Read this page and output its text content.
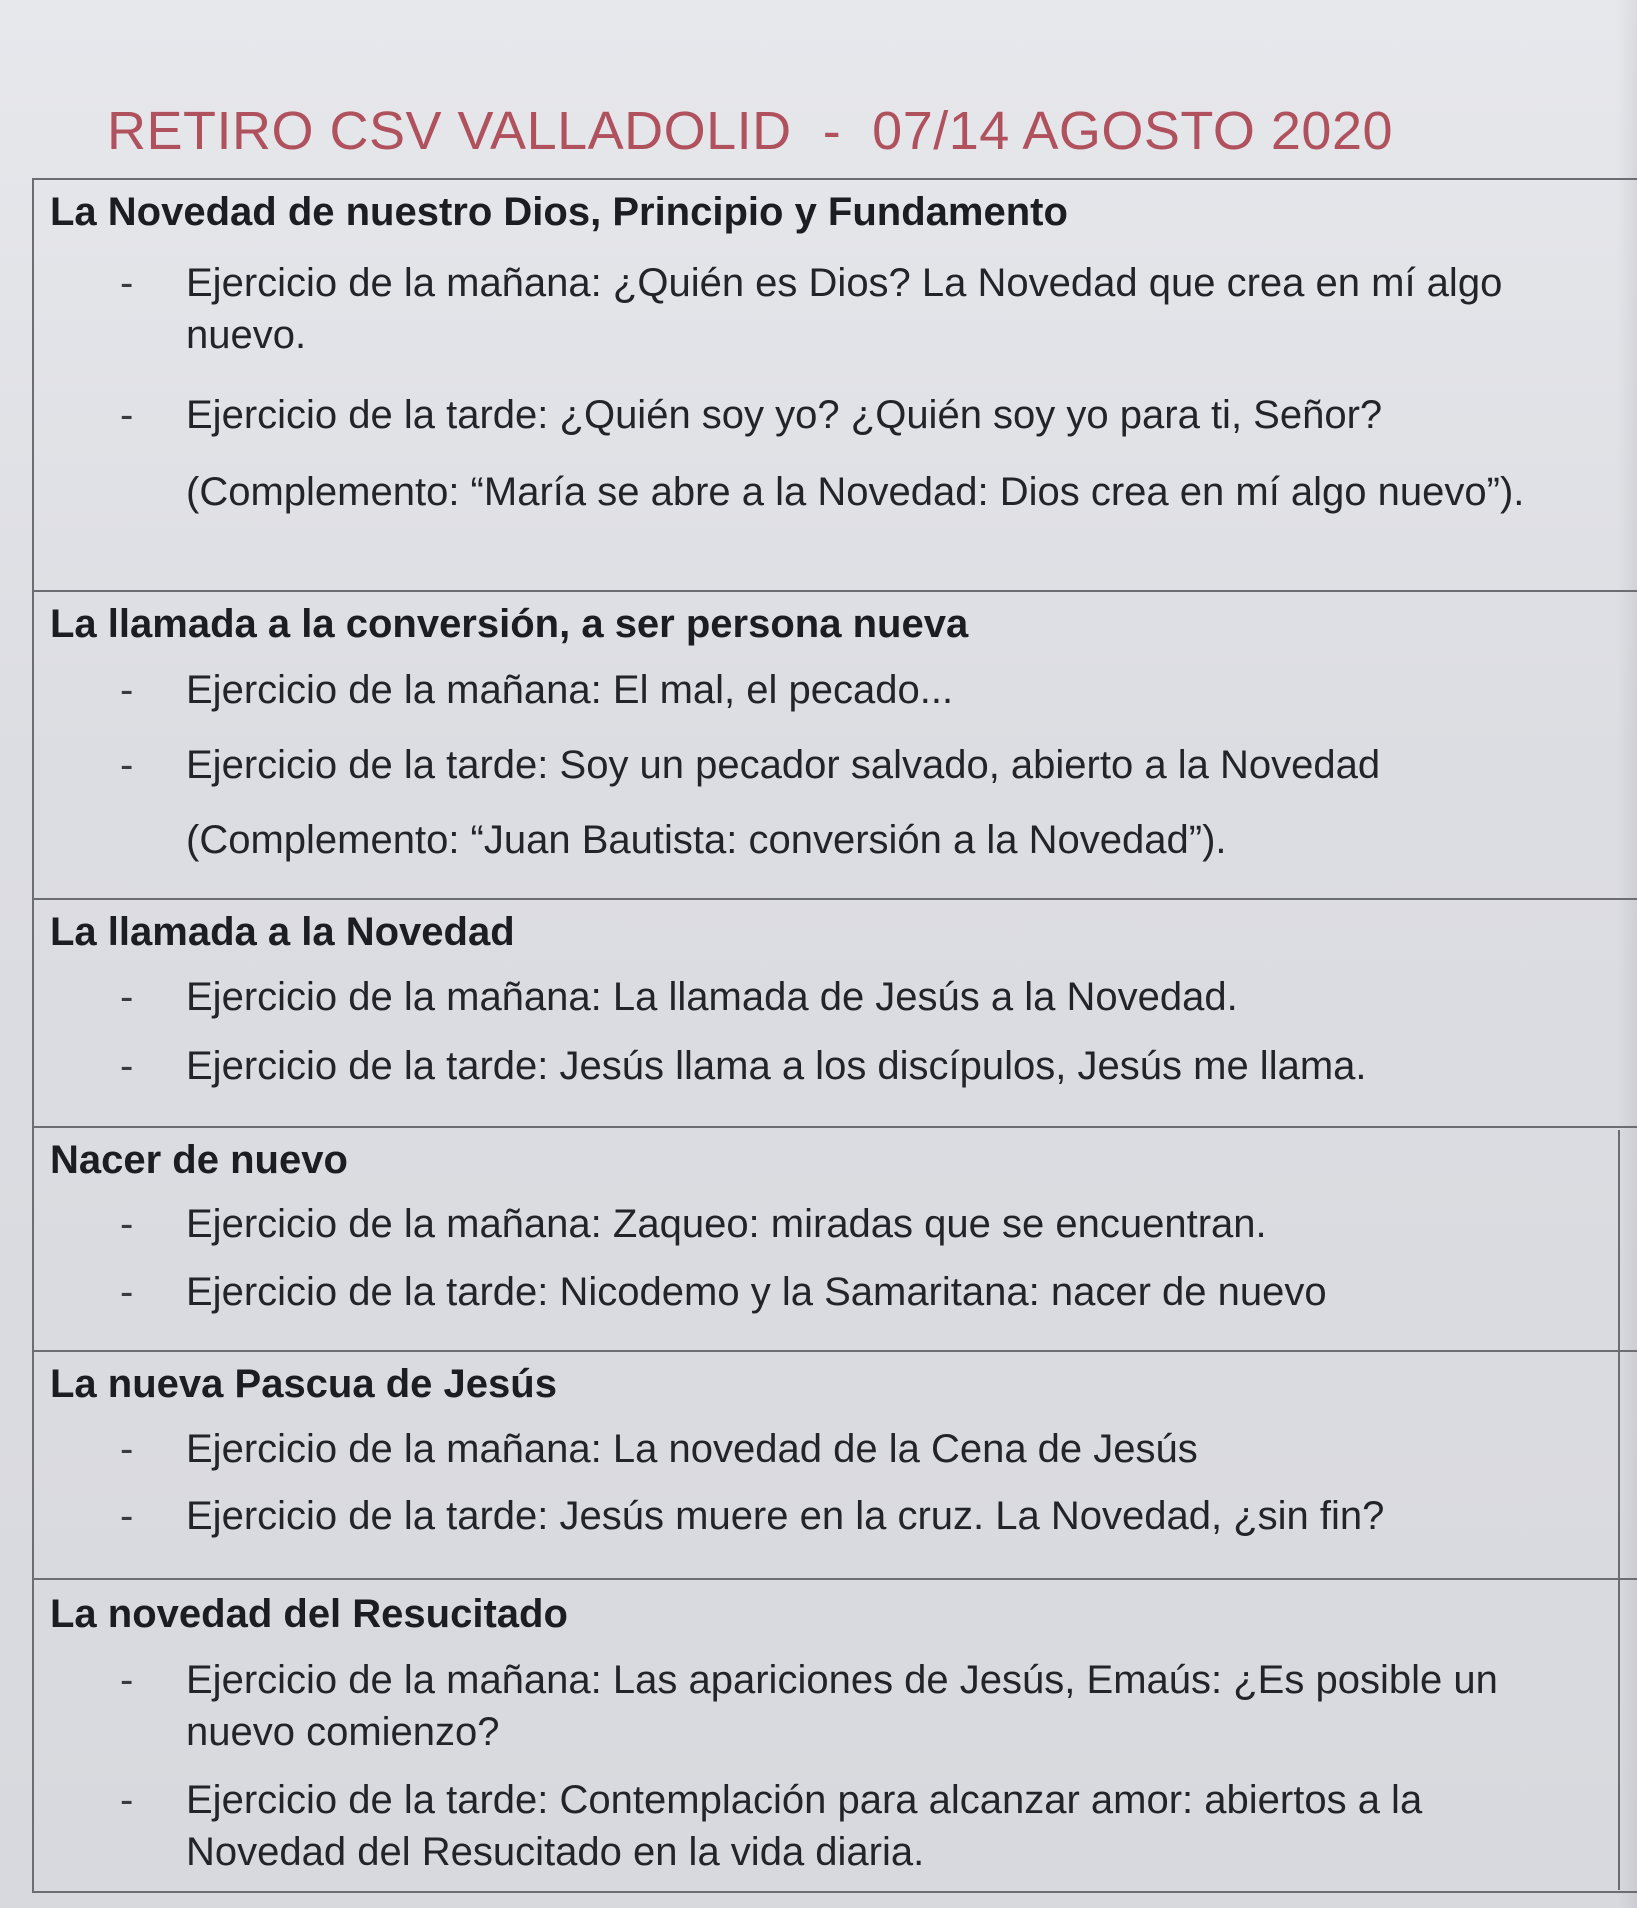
RETIRO CSV VALLADOLID  -  07/14 AGOSTO 2020
La Novedad de nuestro Dios, Principio y Fundamento
- Ejercicio de la mañana: ¿Quién es Dios? La Novedad que crea en mí algo nuevo.
- Ejercicio de la tarde: ¿Quién soy yo? ¿Quién soy yo para ti, Señor?
(Complemento: “María se abre a la Novedad: Dios crea en mí algo nuevo”).
La llamada a la conversión, a ser persona nueva
- Ejercicio de la mañana: El mal, el pecado...
- Ejercicio de la tarde: Soy un pecador salvado, abierto a la Novedad
(Complemento: “Juan Bautista: conversión a la Novedad”).
La llamada a la Novedad
- Ejercicio de la mañana: La llamada de Jesús a la Novedad.
- Ejercicio de la tarde: Jesús llama a los discípulos, Jesús me llama.
Nacer de nuevo
- Ejercicio de la mañana: Zaqueo: miradas que se encuentran.
- Ejercicio de la tarde: Nicodemo y la Samaritana: nacer de nuevo
La nueva Pascua de Jesús
- Ejercicio de la mañana: La novedad de la Cena de Jesús
- Ejercicio de la tarde: Jesús muere en la cruz. La Novedad, ¿sin fin?
La novedad del Resucitado
- Ejercicio de la mañana: Las apariciones de Jesús, Emaús: ¿Es posible un nuevo comienzo?
- Ejercicio de la tarde: Contemplación para alcanzar amor: abiertos a la Novedad del Resucitado en la vida diaria.
